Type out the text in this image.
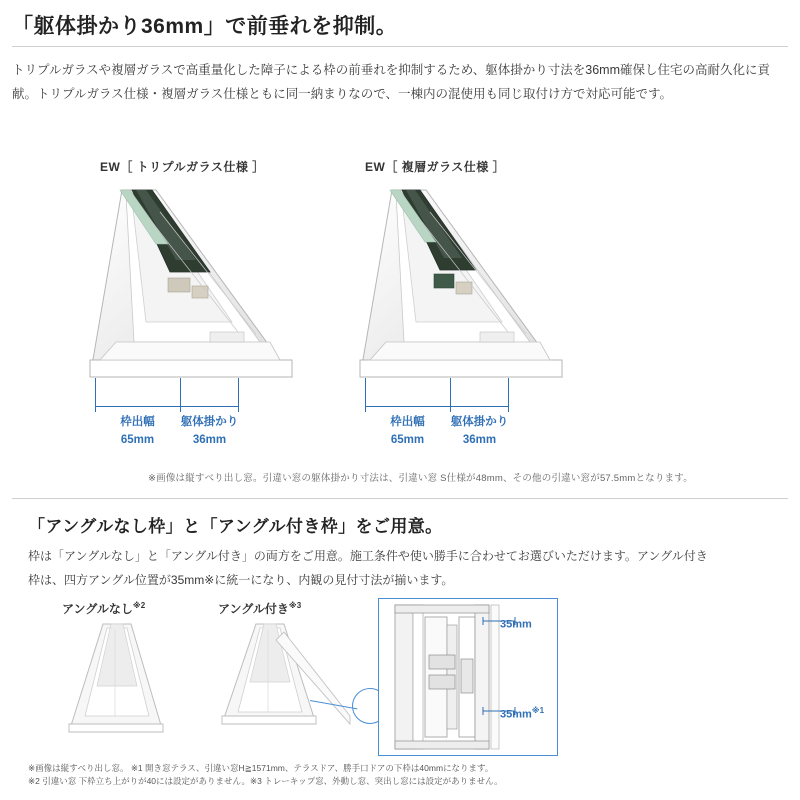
「躯体掛かり36mm」で前垂れを抑制。
トリプルガラスや複層ガラスで高重量化した障子による枠の前垂れを抑制するため、躯体掛かり寸法を36mm確保し住宅の高耐久化に貢献。トリプルガラス仕様・複層ガラス仕様ともに同一納まりなので、一棟内の混使用も同じ取付け方で対応可能です。
EW［ トリプルガラス仕様 ］	EW［ 複層ガラス仕様 ］
枠出幅
65mm
躯体掛かり
36mm
枠出幅
65mm
躯体掛かり
36mm
※画像は縦すべり出し窓。引違い窓の躯体掛かり寸法は、引違い窓 S仕様が48mm、その他の引違い窓が57.5mmとなります。
「アングルなし枠」と「アングル付き枠」をご用意。
枠は「アングルなし」と「アングル付き」の両方をご用意。施工条件や使い勝手に合わせてお選びいただけます。アングル付き枠は、四方アングル位置が35mm※に統一になり、内観の見付寸法が揃います。
アングルなし$^{※2}$	アングル付き$^{※3}$
35mm
$35mm^{※1}$
※画像は縦すべり出し窓。 ※1 開き窓テラス、引違い窓H≧1571mm、テラスドア、勝手口ドアの下枠は40mmになります。
※2 引違い窓 下枠立ち上がりが40には設定がありません。※3 トレーキップ窓、外動し窓、突出し窓には設定がありません。
